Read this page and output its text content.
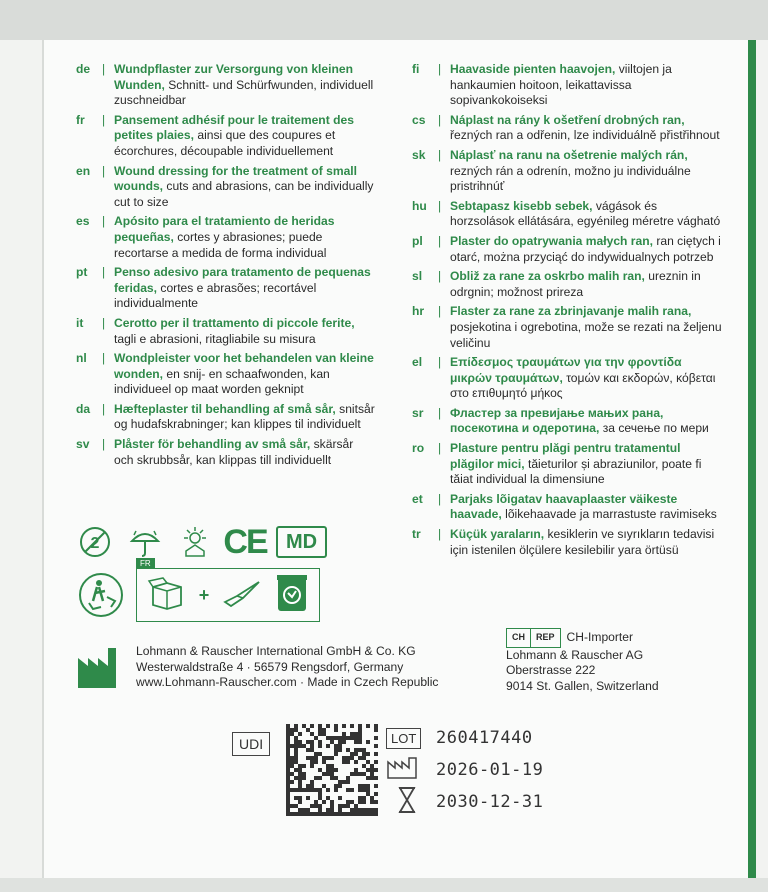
de | Wundpflaster zur Versorgung von kleinen Wunden, Schnitt- und Schürfwunden, individuell zuschneidbar
fr	| Pansement adhésif pour le traitement des petites plaies, ainsi que des coupures et écorchures, découpable individuellement
en | Wound dressing for the treatment of small wounds, cuts and abrasions, can be individually cut to size
es	| Apósito para el tratamiento de heridas pequeñas, cortes y abrasiones; puede recortarse a medida de forma individual
pt	| Penso adesivo para tratamento de pequenas feridas, cortes e abrasões; recortável individualmente
it	| Cerotto per il trattamento di piccole ferite, tagli e abrasioni, ritagliabile su misura
nl	| Wondpleister voor het behandelen van kleine wonden, en snij- en schaafwonden, kan individueel op maat worden geknipt
da | Hæfteplaster til behandling af små sår, snitsår og hudafskrabninger; kan klippes til individuelt
sv	| Plåster för behandling av små sår, skärsår och skrubbsår, kan klippas till individuellt
fi	| Haavaside pienten haavojen, viiltojen ja hankaumien hoitoon, leikattavissa sopivankokoiseksi
cs	| Náplast na rány k ošetření drobných ran, řezných ran a odřenin, lze individuálně přistřihnout
sk	| Náplasť na ranu na ošetrenie malých rán, rezných rán a odrenín, možno ju individuálne pristrihnúť
hu | Sebtapasz kisebb sebek, vágások és horzsolások ellátására, egyénileg méretre vágható
pl	| Plaster do opatrywania małych ran, ran ciętych i otarć, można przyciąć do indywidualnych potrzeb
sl	| Obliž za rane za oskrbo malih ran, ureznin in odrgnin; možnost prireza
hr	| Flaster za rane za zbrinjavanje malih rana, posjekotina i ogrebotina, može se rezati na željenu veličinu
el	| Επίδεσμος τραυμάτων για την φροντίδα μικρών τραυμάτων, τομών και εκδορών, κόβεται στο επιθυμητό μήκος
sr	| Фластер за превијање мањих рана, посекотина и одеротина, за сечење по мери
ro	| Plasture pentru plăgi pentru tratamentul plăgilor mici, tăieturilor și abraziunilor, poate fi tăiat individual la dimensiune
et	| Parjaks lõigatav haavaplaaster väikeste haavade, lõikehaavade ja marrastuste ravimiseks
tr	| Küçük yaraların, kesiklerin ve sıyrıkların tedavisi için istenilen ölçülere kesilebilir yara örtüsü
2	CE MD
FR
+
Lohmann & Rauscher International GmbH & Co. KG
Westerwaldstraße 4 · 56579 Rengsdorf, Germany
www.Lohmann-Rauscher.com · Made in Czech Republic
CH	REP CH-Importer
Lohmann & Rauscher AG
Oberstrasse 222
9014 St. Gallen, Switzerland
UDI	LOT 260417440
2026-01-19
2030-12-31
